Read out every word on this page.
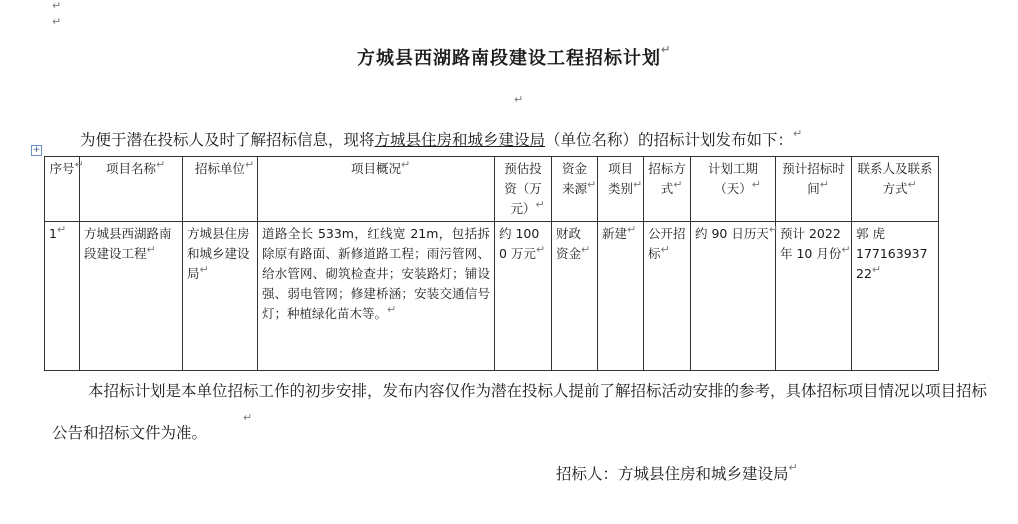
↵
↵
方城县西湖路南段建设工程招标计划 ↵
↵
为便于潜在投标人及时了解招标信息，现将方城县住房和城乡建设局（单位名称）的招标计划发布如下： ↵
+
序号 ↵	项目名称 ↵	招标单位 ↵	项目概况 ↵	预估投资（万元） ↵	资金来源 ↵	项目类别 ↵	招标方式 ↵	计划工期（天） ↵	预计招标时间 ↵	联系人及联系方式 ↵

1 ↵	方城县西湖路南段建设工程 ↵	方城县住房和城乡建设局 ↵	道路全长 533m，红线宽 21m，包括拆除原有路面、新修道路工程；雨污管网、给水管网、砌筑检查井；安装路灯；铺设强、弱电管网；修建桥涵；安装交通信号灯；种植绿化苗木等。 ↵	约 1000 万元 ↵	财政资金 ↵	新建 ↵	公开招标 ↵	约 90 日历天 ↵	预计 2022 年 10 月份 ↵	郭 虎
17716393722 ↵
本招标计划是本单位招标工作的初步安排，发布内容仅作为潜在投标人提前了解招标活动安排的参考，具体招标项目情况以项目招标公告和招标文件为准。
↵
招标人：方城县住房和城乡建设局 ↵
